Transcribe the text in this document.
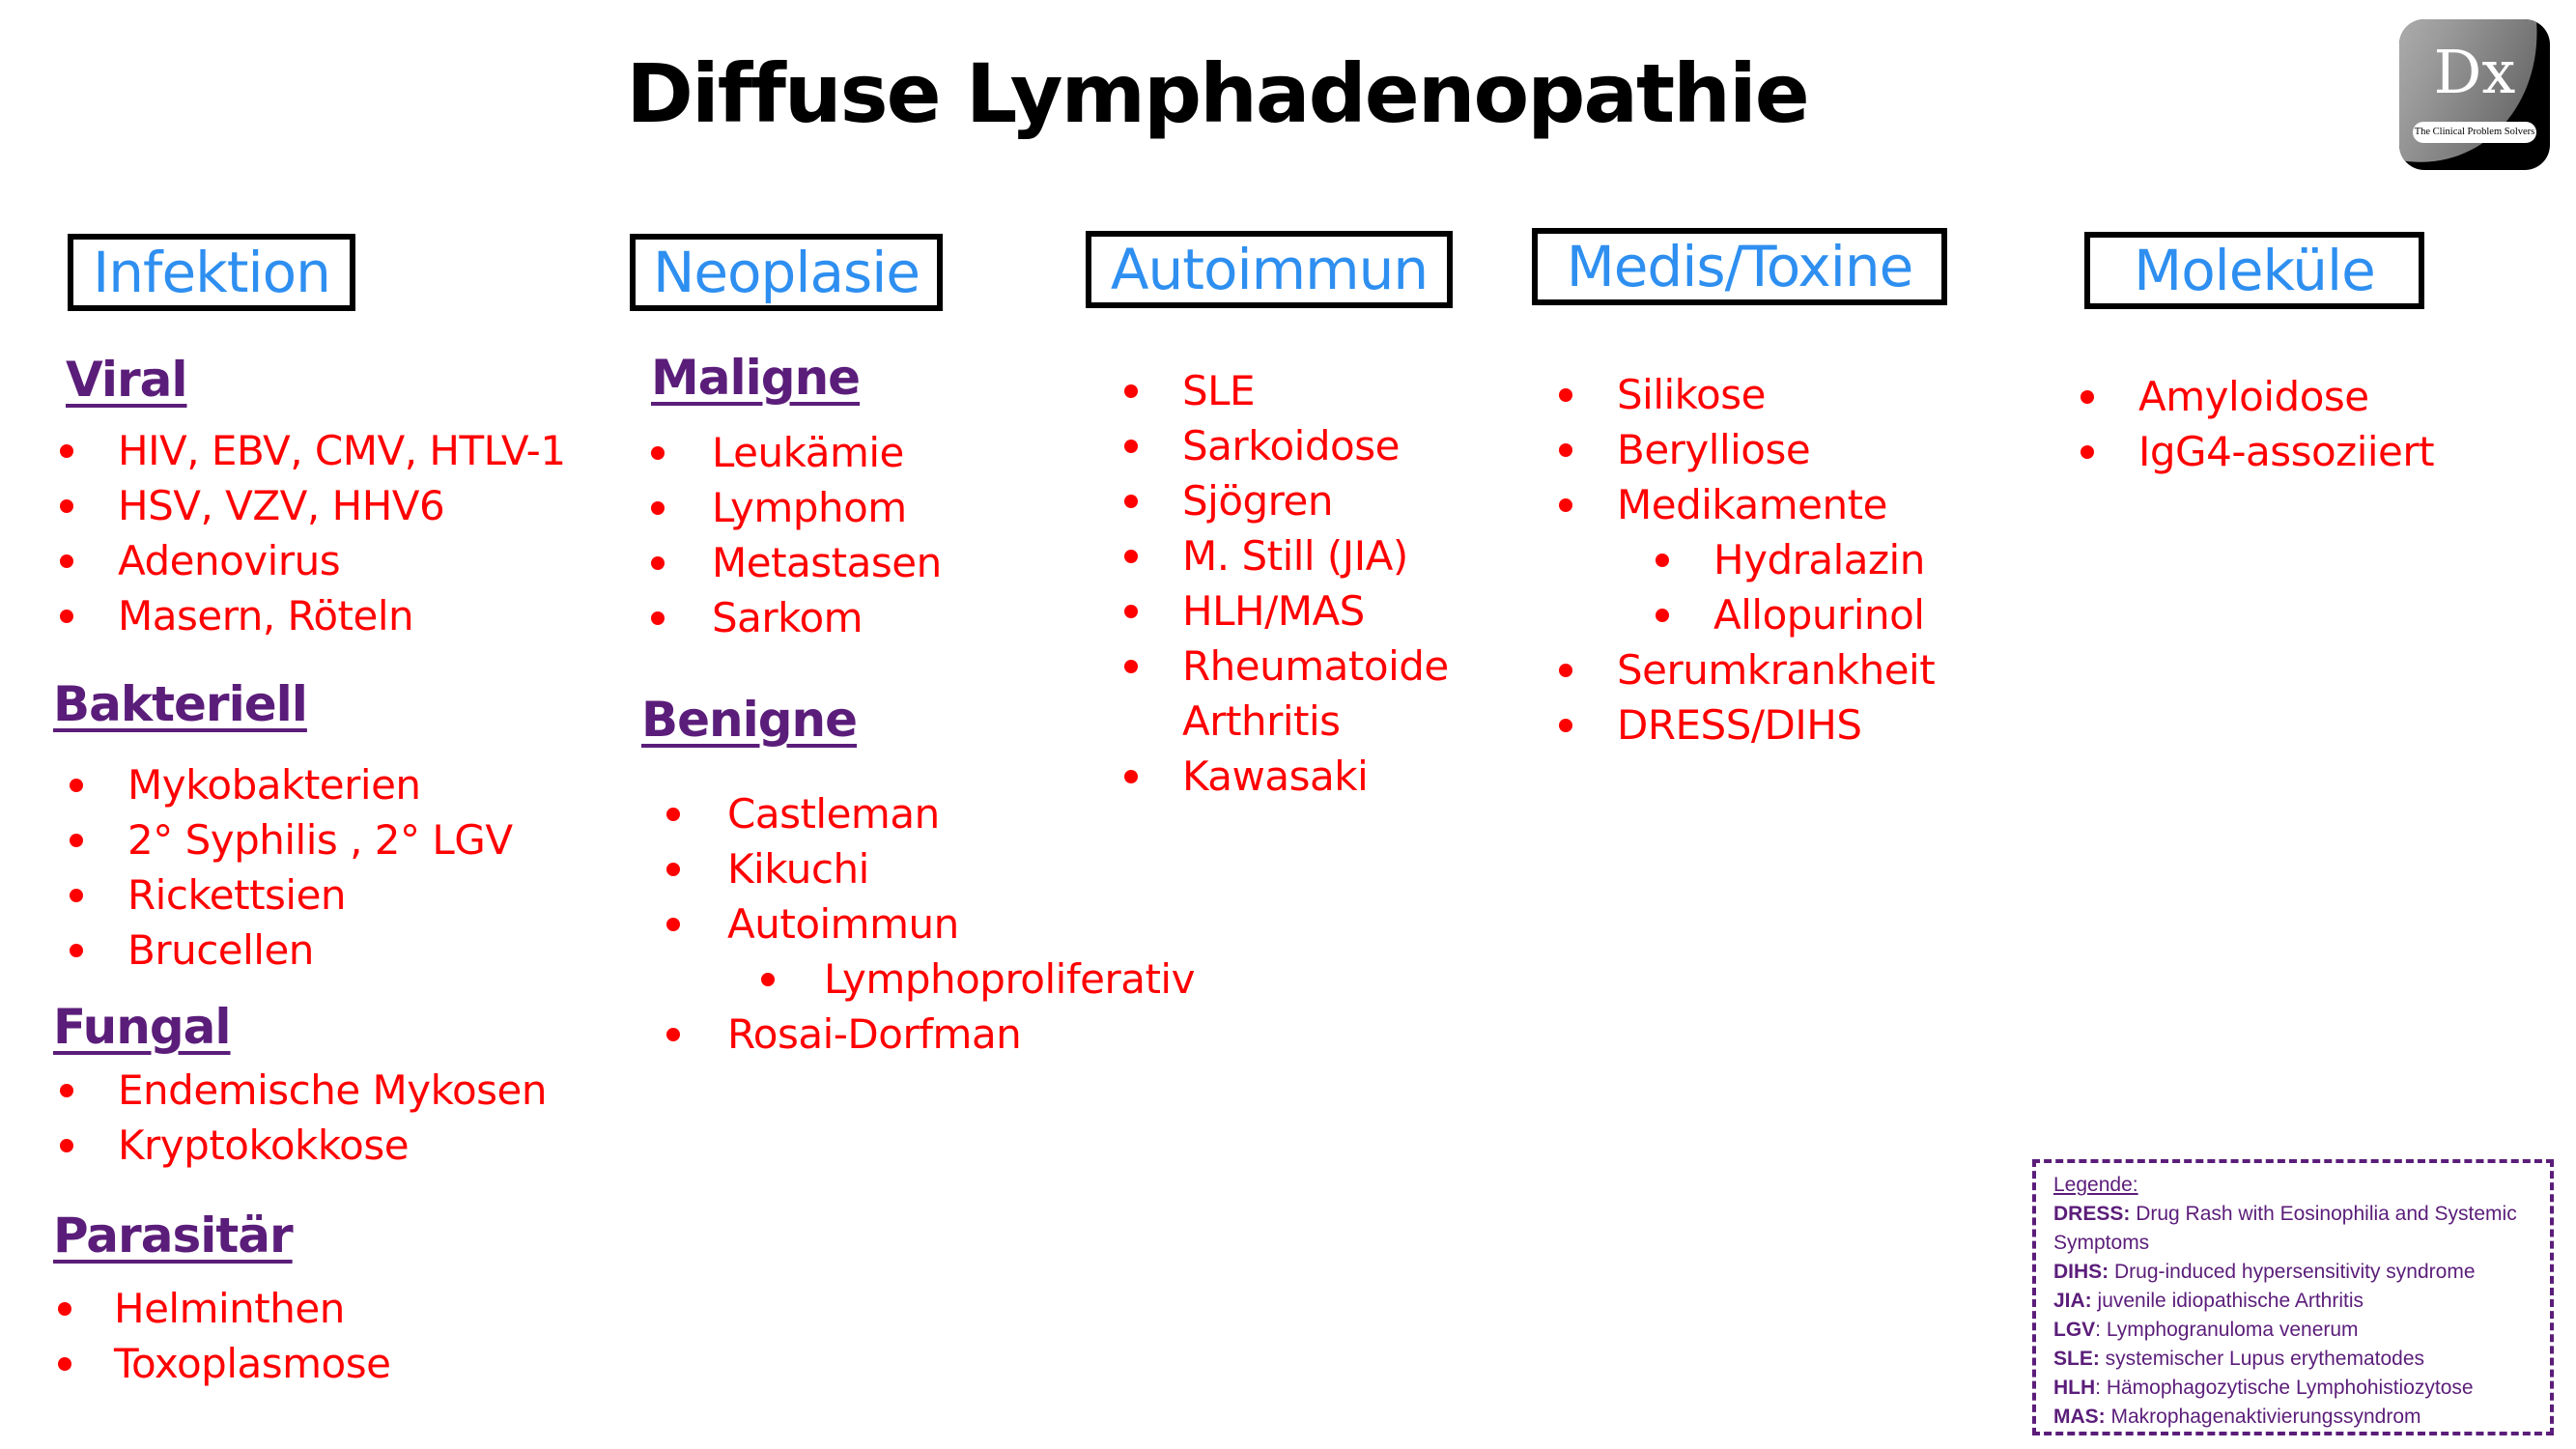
Diffuse Lymphadenopathie	Dx
The Clinical Problem Solvers
Infektion	Neoplasie	Autoimmun	Medis/Toxine	Moleküle
Viral
HIV, EBV, CMV, HTLV-1
HSV, VZV, HHV6
Adenovirus
Masern, Röteln
Bakteriell
Mykobakterien
2° Syphilis , 2° LGV
Rickettsien
Brucellen
Fungal
Endemische Mykosen
Kryptokokkose
Parasitär
Helminthen
Toxoplasmose
Maligne
Leukämie
Lymphom
Metastasen
Sarkom
Benigne
Castleman
Kikuchi
Autoimmun
Lymphoproliferativ
Rosai-Dorfman
SLE
Sarkoidose
Sjögren
M. Still (JIA)
HLH/MAS
Rheumatoide
Arthritis
Kawasaki
Silikose
Berylliose
Medikamente
Hydralazin
Allopurinol
Serumkrankheit
DRESS/DIHS
Amyloidose
IgG4-assoziiert
Legende:
DRESS: Drug Rash with Eosinophilia and Systemic Symptoms
DIHS: Drug-induced hypersensitivity syndrome
JIA: juvenile idiopathische Arthritis
LGV: Lymphogranuloma venerum
SLE: systemischer Lupus erythematodes
HLH: Hämophagozytische Lymphohistiozytose
MAS: Makrophagenaktivierungssyndrom
